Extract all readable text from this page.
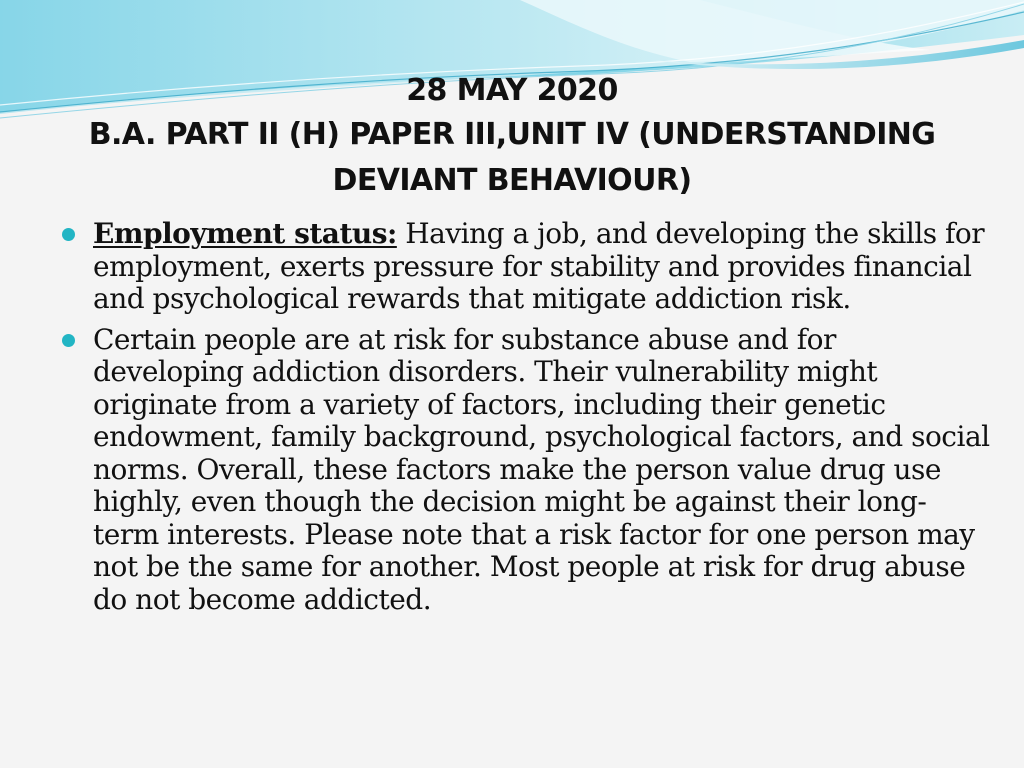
28 MAY 2020
B.A. PART II (H) PAPER III,UNIT IV (UNDERSTANDING
DEVIANT BEHAVIOUR)
Employment status: Having a job, and developing the skills for employment, exerts pressure for stability and provides financial and psychological rewards that mitigate addiction risk.
Certain people are at risk for substance abuse and for developing addiction disorders. Their vulnerability might originate from a variety of factors, including their genetic endowment, family background, psychological factors, and social norms. Overall, these factors make the person value drug use highly, even though the decision might be against their long-term interests. Please note that a risk factor for one person may not be the same for another. Most people at risk for drug abuse do not become addicted.
